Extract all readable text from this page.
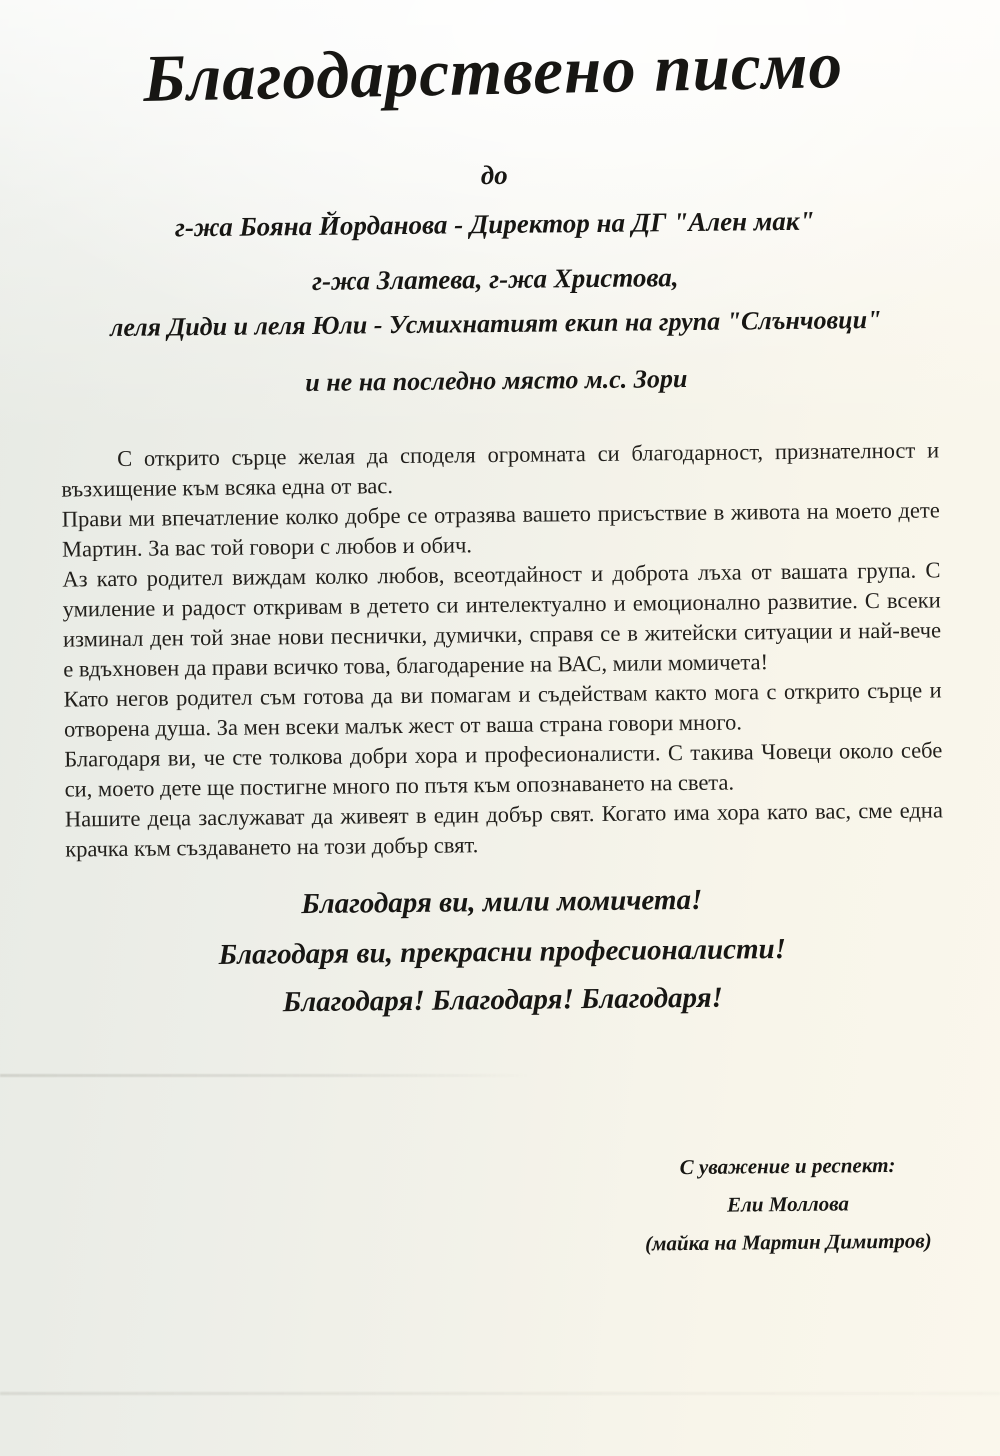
Благодарствено писмо
до
г-жа Бояна Йорданова - Директор на ДГ "Ален мак"
г-жа Златева, г-жа Христова,
леля Диди и леля Юли - Усмихнатият екип на група "Слънчовци"
и не на последно място м.с. Зори

С открито сърце желая да споделя огромната си благодарност, признателност и възхищение към всяка една от вас.

Прави ми впечатление колко добре се отразява вашето присъствие в живота на моето дете Мартин. За вас той говори с любов и обич.

Аз като родител виждам колко любов, всеотдайност и доброта лъха от вашата група. С умиление и радост откривам в детето си интелектуално и емоционално развитие. С всеки изминал ден той знае нови песнички, думички, справя се в житейски ситуации и най-вече е вдъхновен да прави всичко това, благодарение на ВАС, мили момичета!

Като негов родител съм готова да ви помагам и съдействам както мога с открито сърце и отворена душа. За мен всеки малък жест от ваша страна говори много.

Благодаря ви, че сте толкова добри хора и професионалисти. С такива Човеци около себе си, моето дете ще постигне много по пътя към опознаването на света.

Нашите деца заслужават да живеят в един добър свят. Когато има хора като вас, сме една крачка към създаването на този добър свят.

Благодаря ви, мили момичета!
Благодаря ви, прекрасни професионалисти!
Благодаря! Благодаря! Благодаря!
С уважение и респект:
Ели Моллова
(майка на Мартин Димитров)
